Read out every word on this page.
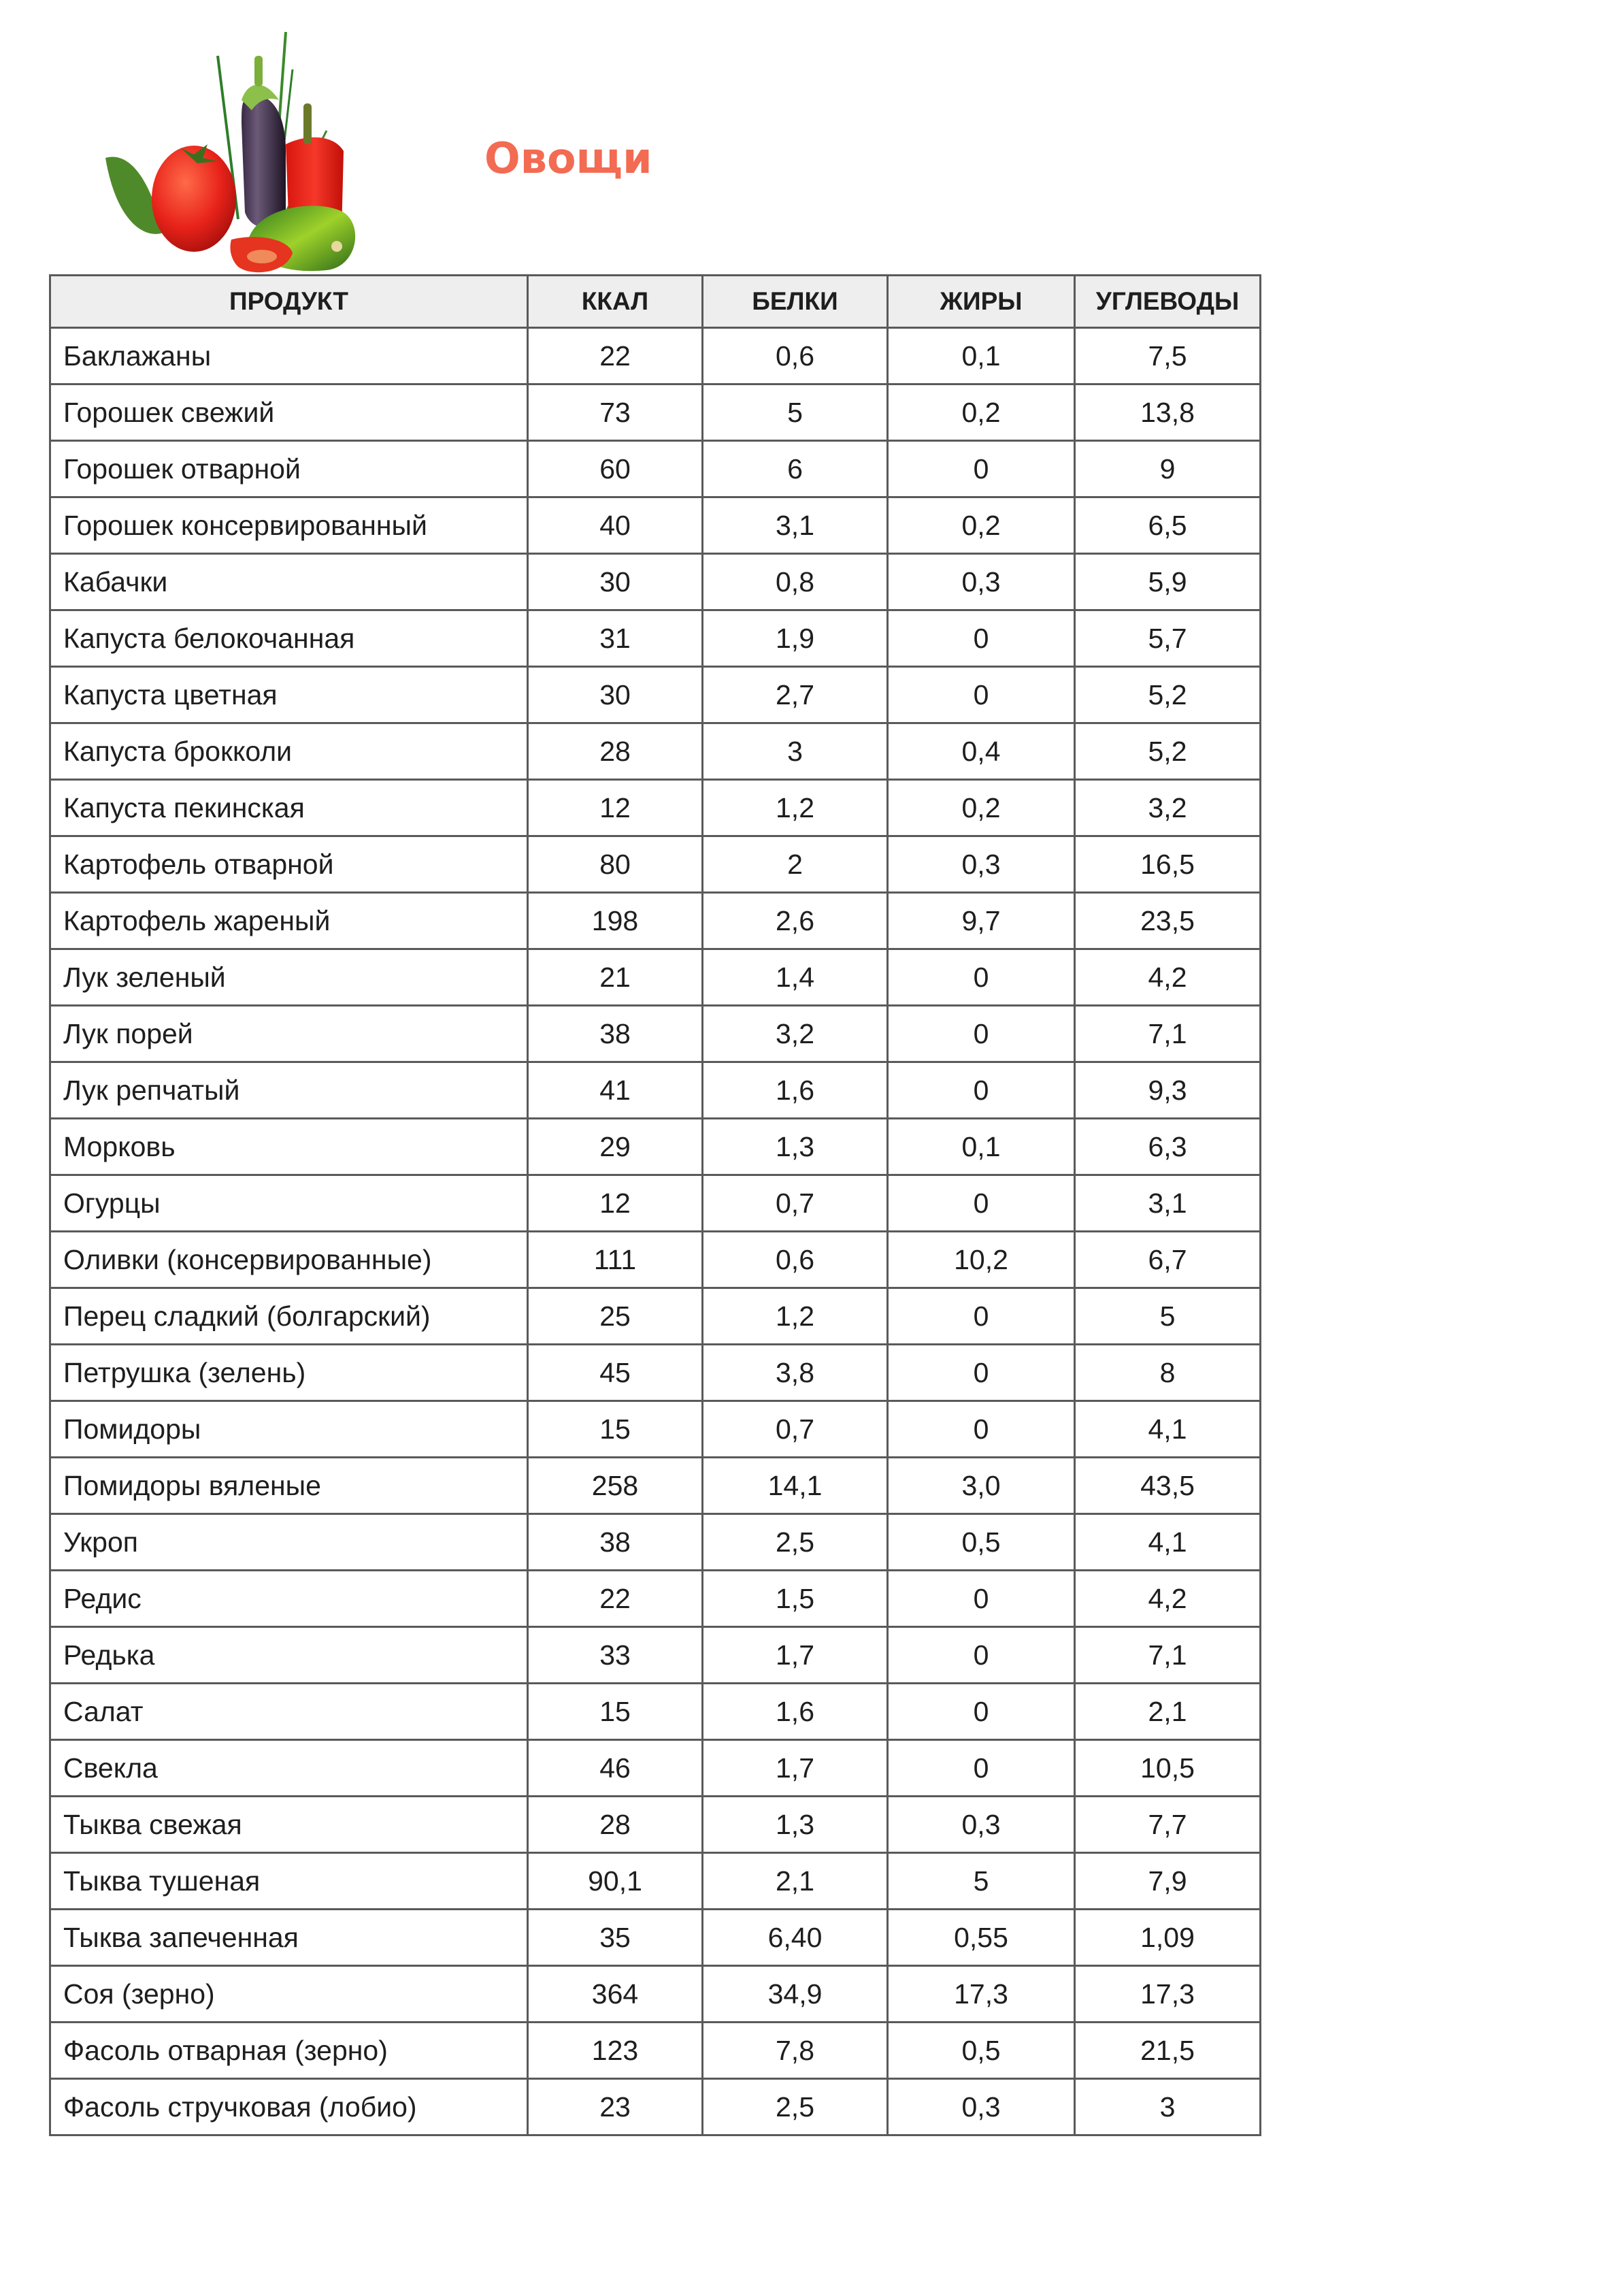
Овощи
ПРОДУКТ	ККАЛ	БЕЛКИ	ЖИРЫ	УГЛЕВОДЫ
Баклажаны	22	0,6	0,1	7,5
Горошек свежий	73	5	0,2	13,8
Горошек отварной	60	6	0	9
Горошек консервированный	40	3,1	0,2	6,5
Кабачки	30	0,8	0,3	5,9
Капуста белокочанная	31	1,9	0	5,7
Капуста цветная	30	2,7	0	5,2
Капуста брокколи	28	3	0,4	5,2
Капуста пекинская	12	1,2	0,2	3,2
Картофель отварной	80	2	0,3	16,5
Картофель жареный	198	2,6	9,7	23,5
Лук зеленый	21	1,4	0	4,2
Лук порей	38	3,2	0	7,1
Лук репчатый	41	1,6	0	9,3
Морковь	29	1,3	0,1	6,3
Огурцы	12	0,7	0	3,1
Оливки (консервированные)	111	0,6	10,2	6,7
Перец сладкий (болгарский)	25	1,2	0	5
Петрушка (зелень)	45	3,8	0	8
Помидоры	15	0,7	0	4,1
Помидоры вяленые	258	14,1	3,0	43,5
Укроп	38	2,5	0,5	4,1
Редис	22	1,5	0	4,2
Редька	33	1,7	0	7,1
Салат	15	1,6	0	2,1
Свекла	46	1,7	0	10,5
Тыква свежая	28	1,3	0,3	7,7
Тыква тушеная	90,1	2,1	5	7,9
Тыква запеченная	35	6,40	0,55	1,09
Соя (зерно)	364	34,9	17,3	17,3
Фасоль отварная (зерно)	123	7,8	0,5	21,5
Фасоль стручковая (лобио)	23	2,5	0,3	3
